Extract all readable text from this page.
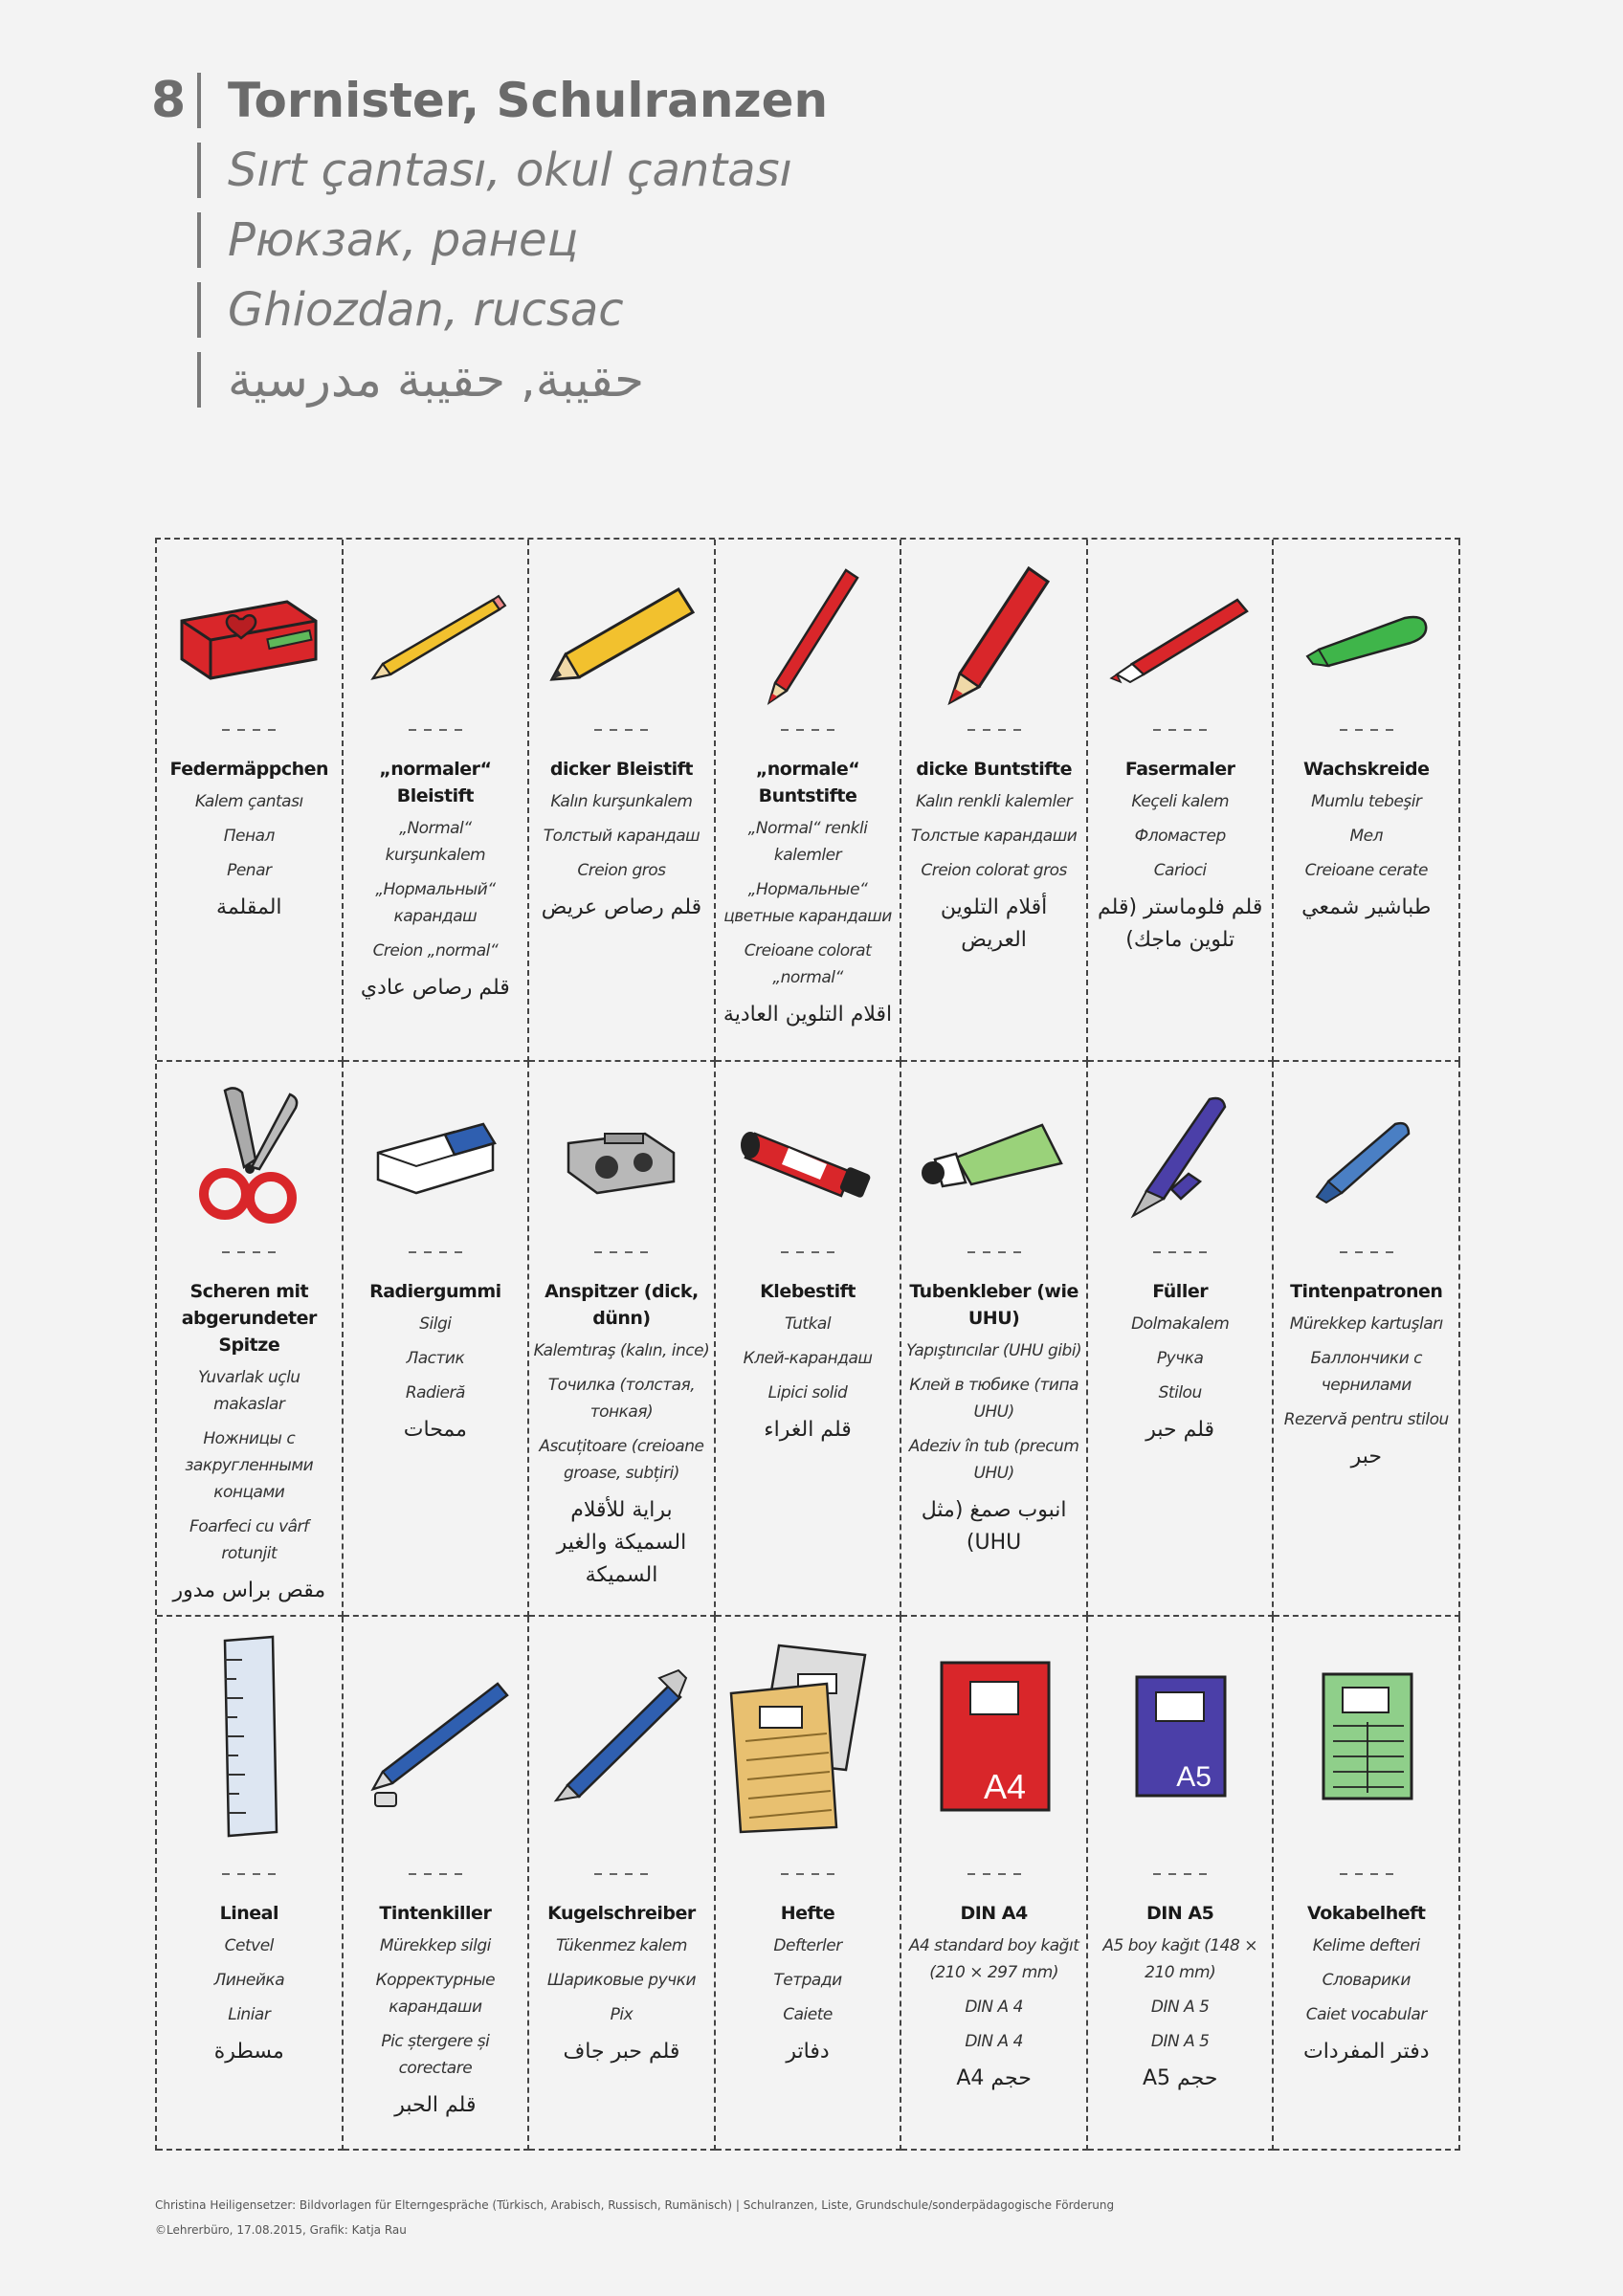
8 Tornister, Schulranzen
Sırt çantası, okul çantası
Рюкзак, ранец
Ghiozdan, rucsac
حقيبة, حقيبة مدرسية
Federmäppchen
Kalem çantası
Пенал
Penar
المقلمة
„normaler“ Bleistift
„Normal“ kurşunkalem
„Нормальный“ карандаш
Creion „normal“
قلم رصاص عادي
dicker Bleistift
Kalın kurşunkalem
Толстый карандаш
Creion gros
قلم رصاص عريض
„normale“ Buntstifte
„Normal“ renkli kalemler
„Нормальные“ цветные карандаши
Creioane colorat „normal“
اقلام التلوين العادية
dicke Buntstifte
Kalın renkli kalemler
Толстые карандаши
Creion colorat gros
أقلام التلوين العريض
Fasermaler
Keçeli kalem
Фломастер
Carioci
قلم فلوماستر (قلم تلوين ماجك)
Wachskreide
Mumlu tebeşir
Мел
Creioane cerate
طباشير شمعي
Scheren mit abgerundeter Spitze
Yuvarlak uçlu makaslar
Ножницы с закругленными концами
Foarfeci cu vârf rotunjit
مقص براس مدور
Radiergummi
Silgi
Ластик
Radieră
ممحات
Anspitzer (dick, dünn)
Kalemtıraş (kalın, ince)
Точилка (толстая, тонкая)
Ascuțitoare (creioane groase, subțiri)
براية للأقلام السميكة والغير السميكة
Klebestift
Tutkal
Клей-карандаш
Lipici solid
قلم الغراء
Tubenkleber (wie UHU)
Yapıştırıcılar (UHU gibi)
Клей в тюбике (типа UHU)
Adeziv în tub (precum UHU)
انبوب صمغ (مثل UHU)
Füller
Dolmakalem
Ручка
Stilou
قلم حبر
Tintenpatronen
Mürekkep kartuşları
Баллончики с чернилами
Rezervă pentru stilou
حبر
Lineal
Cetvel
Линейка
Liniar
مسطرة
Tintenkiller
Mürekkep silgi
Корректурные карандаши
Pic ștergere și corectare
قلم الحبر
Kugelschreiber
Tükenmez kalem
Шариковые ручки
Pix
قلم حبر جاف
Hefte
Defterler
Тетради
Caiete
دفاتر
A4
DIN A4
A4 standard boy kağıt (210 × 297 mm)
DIN A 4
DIN A 4
حجم A4
A5
DIN A5
A5 boy kağıt (148 × 210 mm)
DIN A 5
DIN A 5
حجم A5
Vokabelheft
Kelime defteri
Словарики
Caiet vocabular
دفتر المفردات
Christina Heiligensetzer: Bildvorlagen für Elterngespräche (Türkisch, Arabisch, Russisch, Rumänisch) | Schulranzen, Liste, Grundschule/sonderpädagogische Förderung
©Lehrerbüro, 17.08.2015, Grafik: Katja Rau
